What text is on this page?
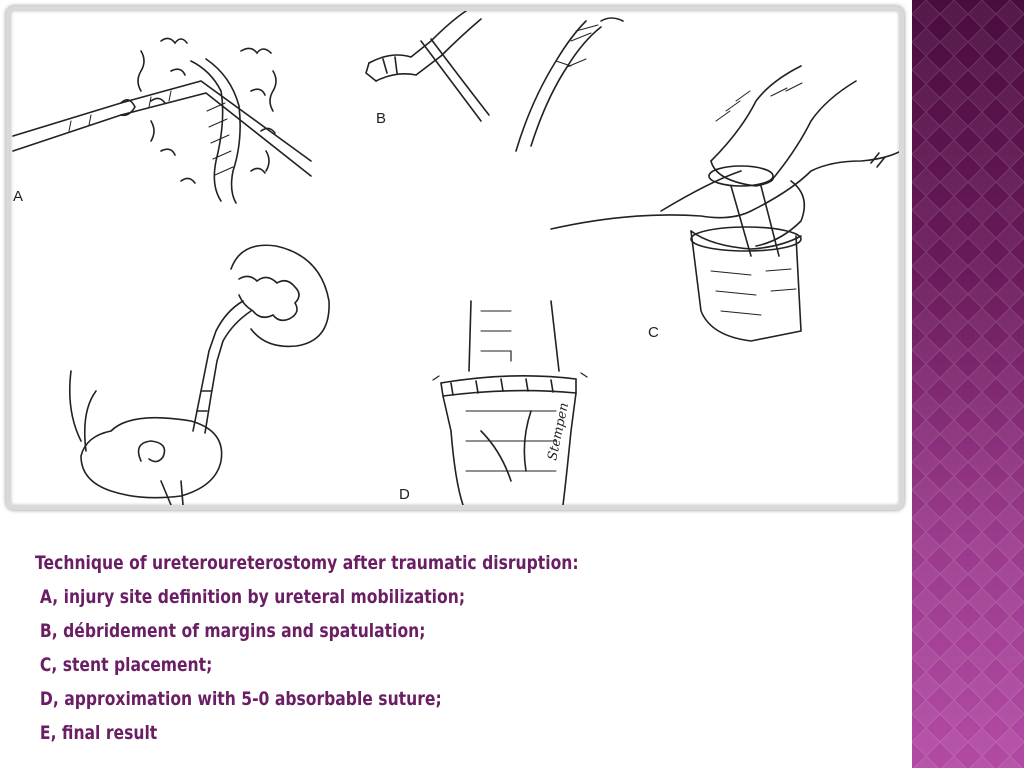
A
B
C
D
Stempen
Technique of ureteroureterostomy after traumatic disruption:
A, injury site definition by ureteral mobilization;
B, débridement of margins and spatulation;
C, stent placement;
D, approximation with 5-0 absorbable suture;
E, final result
